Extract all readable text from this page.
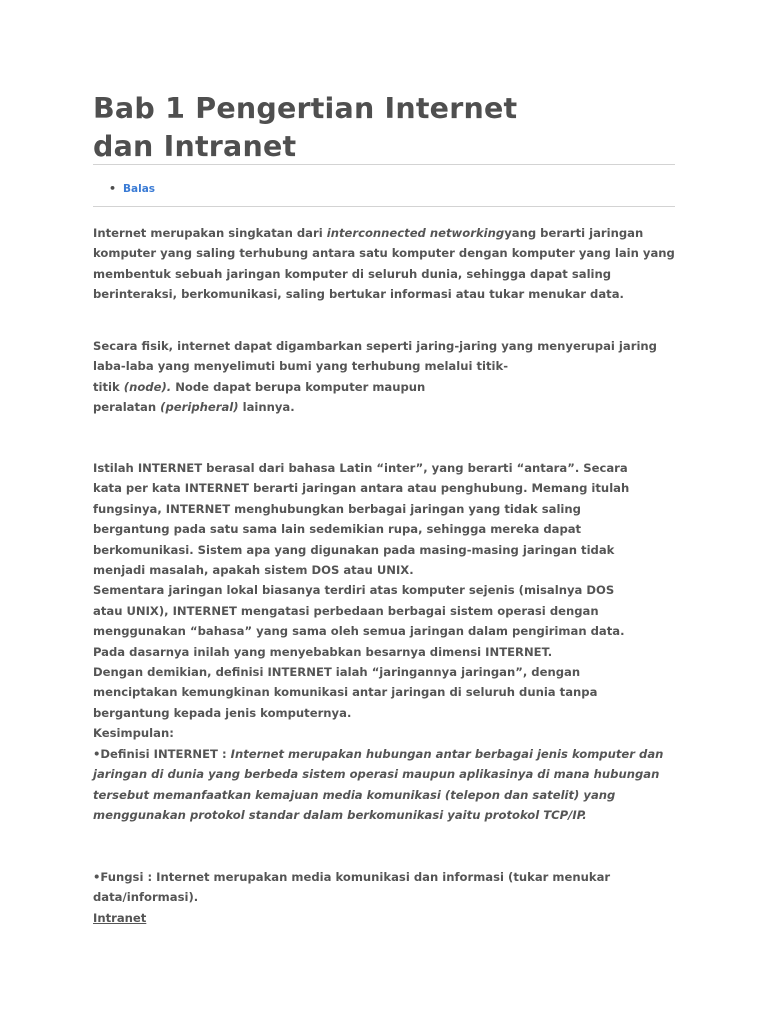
Bab 1 Pengertian Internet
dan Intranet
• Balas

Internet merupakan singkatan dari interconnected networkingyang berarti jaringan komputer yang saling terhubung antara satu komputer dengan komputer yang lain yang membentuk sebuah jaringan komputer di seluruh dunia, sehingga dapat saling berinteraksi, berkomunikasi, saling bertukar informasi atau tukar menukar data.

Secara fisik, internet dapat digambarkan seperti jaring-jaring yang menyerupai jaring laba-laba yang menyelimuti bumi yang terhubung melalui titik-
titik (node). Node dapat berupa komputer maupun
peralatan (peripheral) lainnya.

Istilah INTERNET berasal dari bahasa Latin “inter”, yang berarti “antara”. Secara
kata per kata INTERNET berarti jaringan antara atau penghubung. Memang itulah
fungsinya, INTERNET menghubungkan berbagai jaringan yang tidak saling
bergantung pada satu sama lain sedemikian rupa, sehingga mereka dapat
berkomunikasi. Sistem apa yang digunakan pada masing-masing jaringan tidak
menjadi masalah, apakah sistem DOS atau UNIX.
Sementara jaringan lokal biasanya terdiri atas komputer sejenis (misalnya DOS
atau UNIX), INTERNET mengatasi perbedaan berbagai sistem operasi dengan
menggunakan “bahasa” yang sama oleh semua jaringan dalam pengiriman data.
Pada dasarnya inilah yang menyebabkan besarnya dimensi INTERNET.
Dengan demikian, definisi INTERNET ialah “jaringannya jaringan”, dengan
menciptakan kemungkinan komunikasi antar jaringan di seluruh dunia tanpa
bergantung kepada jenis komputernya.
Kesimpulan:
•Definisi INTERNET : Internet merupakan hubungan antar berbagai jenis komputer dan jaringan di dunia yang berbeda sistem operasi maupun aplikasinya di mana hubungan tersebut memanfaatkan kemajuan media komunikasi (telepon dan satelit) yang menggunakan protokol standar dalam berkomunikasi yaitu protokol TCP/IP.
•Fungsi : Internet merupakan media komunikasi dan informasi (tukar menukar data/informasi).
Intranet
